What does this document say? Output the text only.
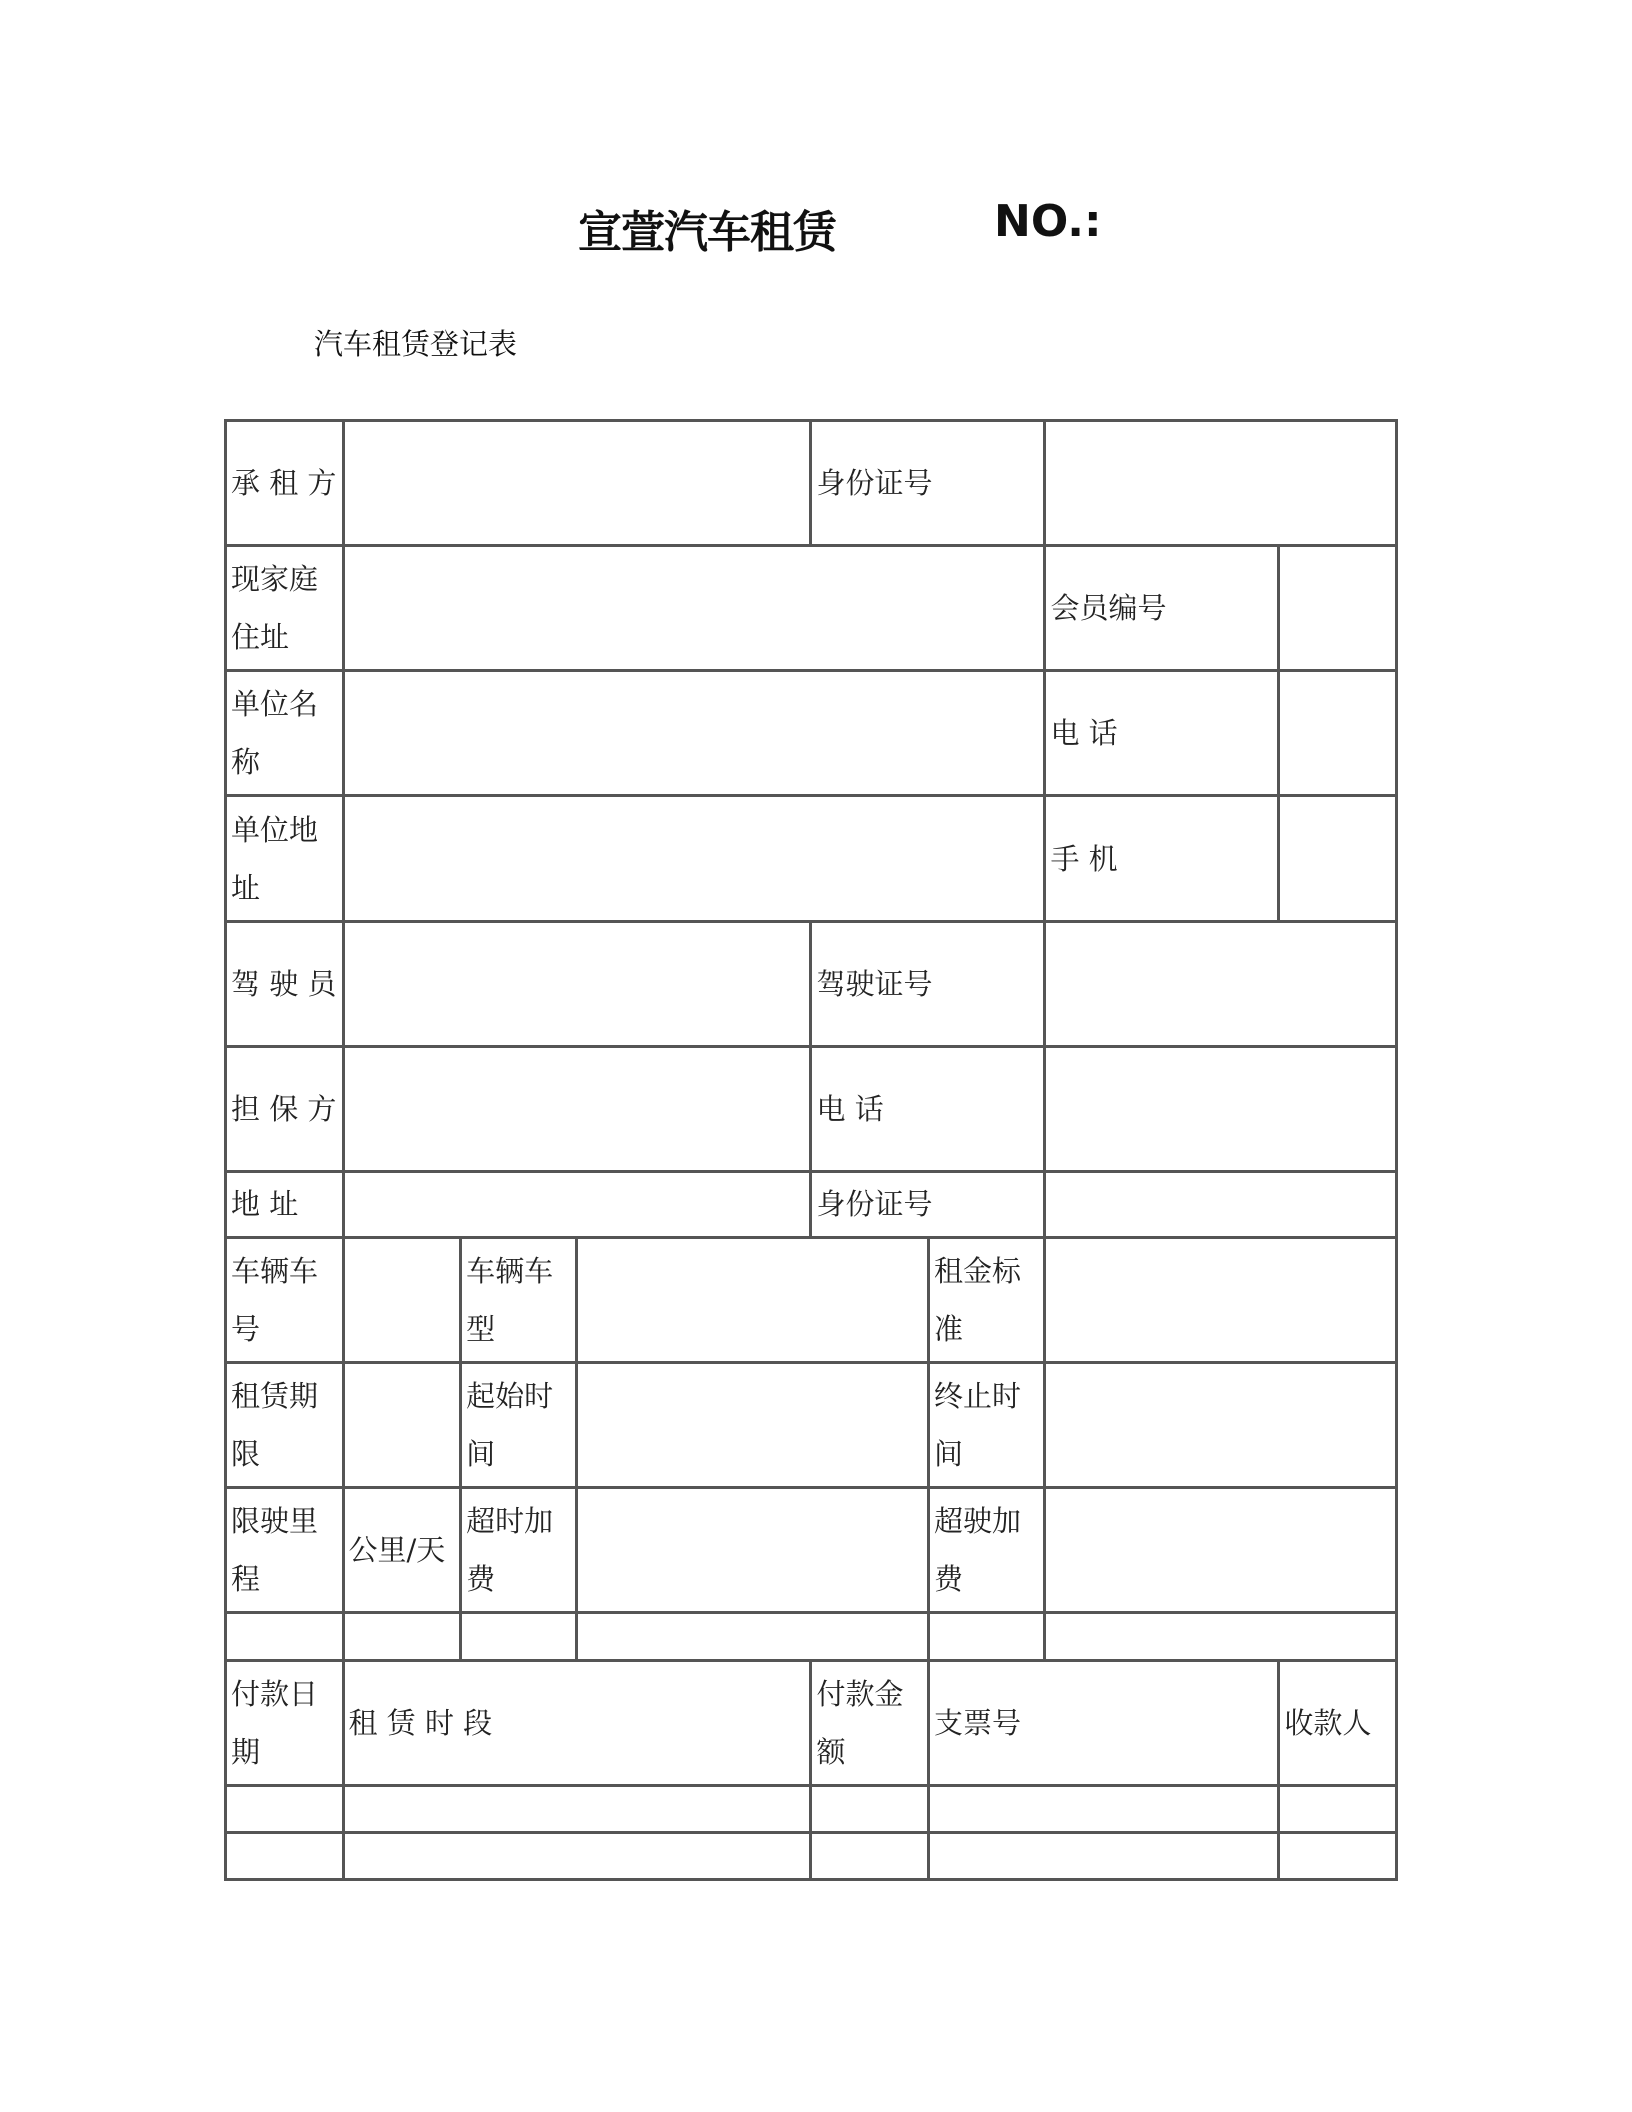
宣萱汽车租赁	NO.:
汽车租赁登记表
承 租 方				身份证号			
现家庭住址						会员编号	
单位名称						电 话	
单位地址						手 机	
驾 驶 员				驾驶证号			
担 保 方				电 话			
地 址				身份证号			
车辆车号		车辆车型			租金标准		
租赁期限		起始时间			终止时间		
限驶里程	公里/天	超时加费			超驶加费		

付款日期	租 赁 时 段			付款金额	支票号		收款人
